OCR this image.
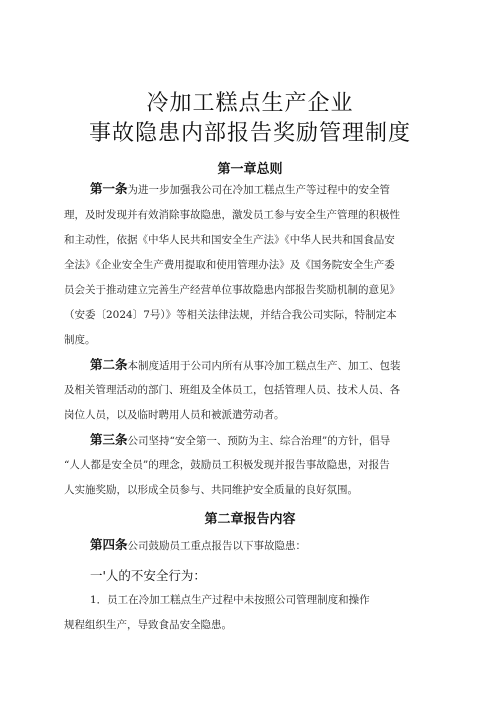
冷加工糕点生产企业
事故隐患内部报告奖励管理制度
第一章总则
第一条为进一步加强我公司在冷加工糕点生产等过程中的安全管
理，及时发现并有效消除事故隐患，激发员工参与安全生产管理的积极性
和主动性，依据《中华人民共和国安全生产法》《中华人民共和国食品安
全法》《企业安全生产费用提取和使用管理办法》及《国务院安全生产委
员会关于推动建立完善生产经营单位事故隐患内部报告奖励机制的意见》
（安委〔2024〕7号）》等相关法律法规，并结合我公司实际，特制定本
制度。
第二条本制度适用于公司内所有从事冷加工糕点生产、加工、包装
及相关管理活动的部门、班组及全体员工，包括管理人员、技术人员、各
岗位人员，以及临时聘用人员和被派遣劳动者。
第三条公司坚持“安全第一、预防为主、综合治理”的方针，倡导
“人人都是安全员”的理念，鼓励员工积极发现并报告事故隐患，对报告
人实施奖励，以形成全员参与、共同维护安全质量的良好氛围。
第二章报告内容
第四条公司鼓励员工重点报告以下事故隐患：
一'人的不安全行为：
1．员工在冷加工糕点生产过程中未按照公司管理制度和操作
规程组织生产，导致食品安全隐患。
